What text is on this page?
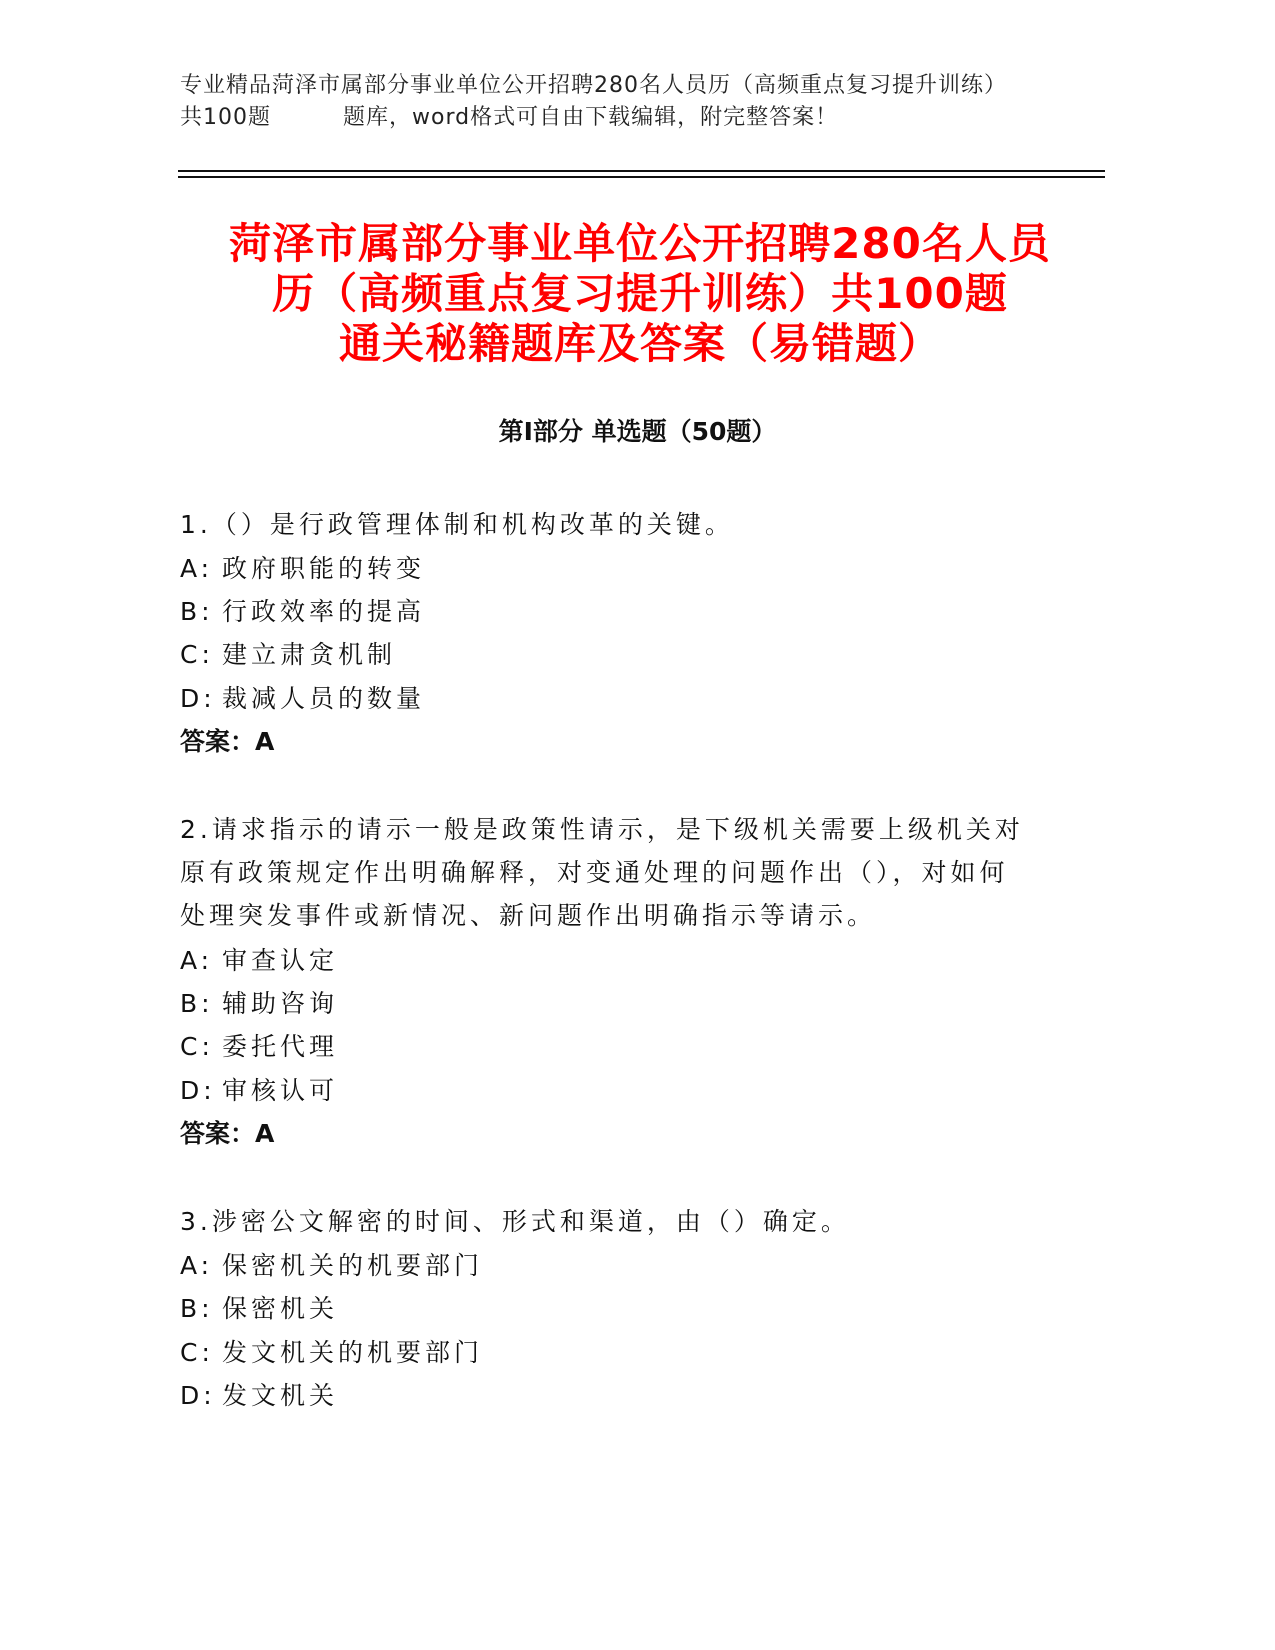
专业精品菏泽市属部分事业单位公开招聘280名人员历（高频重点复习提升训练）
共100题	题库，word格式可自由下载编辑，附完整答案！
菏泽市属部分事业单位公开招聘280名人员
历（高频重点复习提升训练）共100题
通关秘籍题库及答案（易错题）
第Ⅰ部分 单选题（50题）
1.（）是行政管理体制和机构改革的关键。
A: 政府职能的转变
B: 行政效率的提高
C: 建立肃贪机制
D: 裁减人员的数量
答案：A
2.请求指示的请示一般是政策性请示，是下级机关需要上级机关对原有政策规定作出明确解释，对变通处理的问题作出（），对如何处理突发事件或新情况、新问题作出明确指示等请示。
A: 审查认定
B: 辅助咨询
C: 委托代理
D: 审核认可
答案：A
3.涉密公文解密的时间、形式和渠道，由（）确定。
A: 保密机关的机要部门
B: 保密机关
C: 发文机关的机要部门
D: 发文机关
